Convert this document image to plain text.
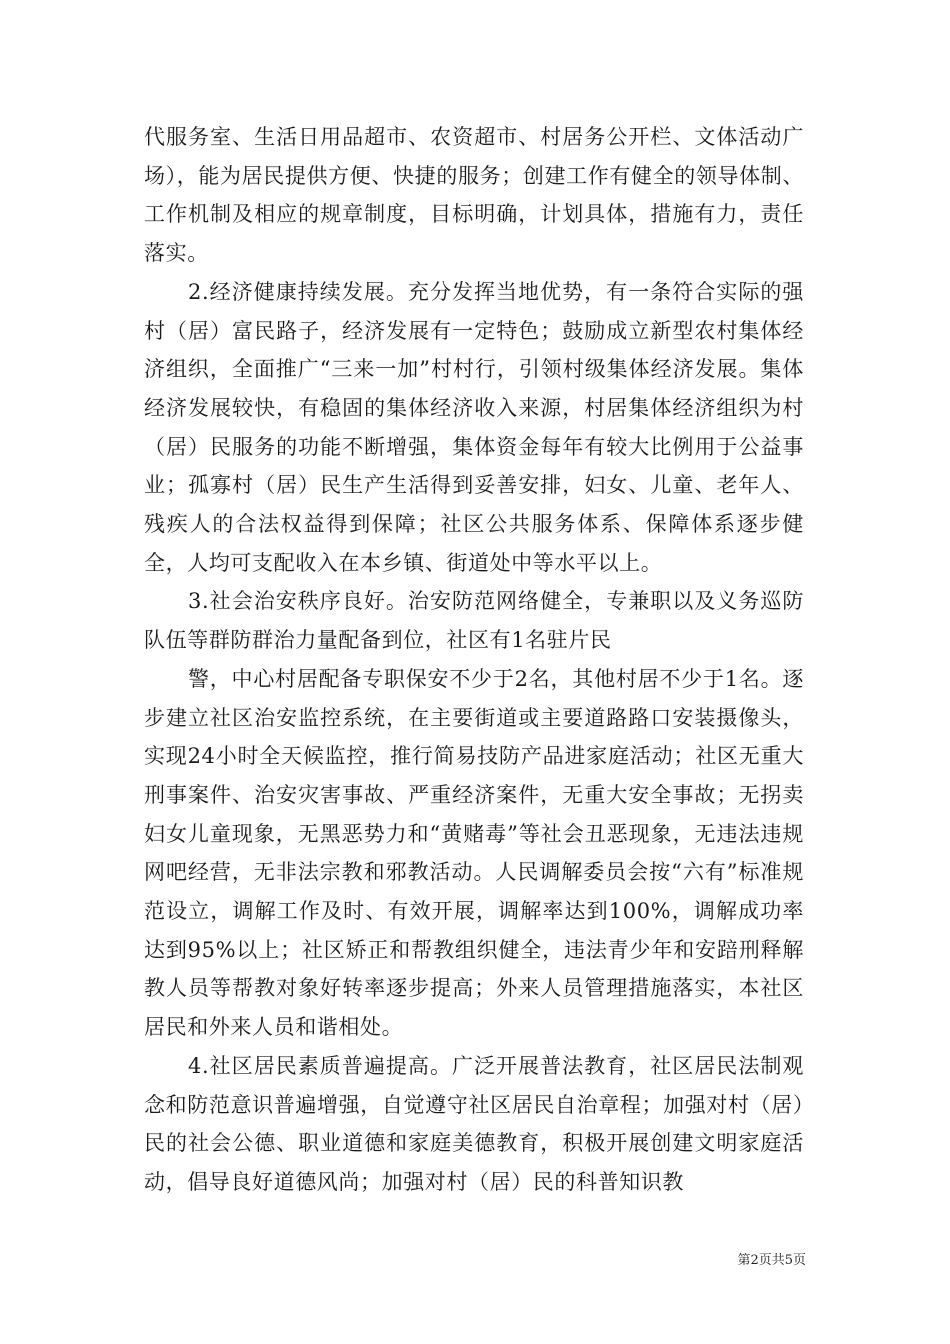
代服务室、生活日用品超市、农资超市、村居务公开栏、文体活动广场），能为居民提供方便、快捷的服务；创建工作有健全的领导体制、工作机制及相应的规章制度，目标明确，计划具体，措施有力，责任落实。

2.经济健康持续发展。充分发挥当地优势，有一条符合实际的强村（居）富民路子，经济发展有一定特色；鼓励成立新型农村集体经济组织，全面推广“三来一加”村村行，引领村级集体经济发展。集体经济发展较快，有稳固的集体经济收入来源，村居集体经济组织为村（居）民服务的功能不断增强，集体资金每年有较大比例用于公益事业；孤寡村（居）民生产生活得到妥善安排，妇女、儿童、老年人、残疾人的合法权益得到保障；社区公共服务体系、保障体系逐步健全，人均可支配收入在本乡镇、街道处中等水平以上。

3.社会治安秩序良好。治安防范网络健全，专兼职以及义务巡防队伍等群防群治力量配备到位，社区有1名驻片民

警，中心村居配备专职保安不少于2名，其他村居不少于1名。逐步建立社区治安监控系统，在主要街道或主要道路路口安装摄像头，实现24小时全天候监控，推行简易技防产品进家庭活动；社区无重大刑事案件、治安灾害事故、严重经济案件，无重大安全事故；无拐卖妇女儿童现象，无黑恶势力和“黄赌毒”等社会丑恶现象，无违法违规网吧经营，无非法宗教和邪教活动。人民调解委员会按“六有”标准规范设立，调解工作及时、有效开展，调解率达到100%，调解成功率达到95%以上；社区矫正和帮教组织健全，违法青少年和安踣刑释解教人员等帮教对象好转率逐步提高；外来人员管理措施落实，本社区居民和外来人员和谐相处。

4.社区居民素质普遍提高。广泛开展普法教育，社区居民法制观念和防范意识普遍增强，自觉遵守社区居民自治章程；加强对村（居）民的社会公德、职业道德和家庭美德教育，积极开展创建文明家庭活动，倡导良好道德风尚；加强对村（居）民的科普知识教

第2页共5页
